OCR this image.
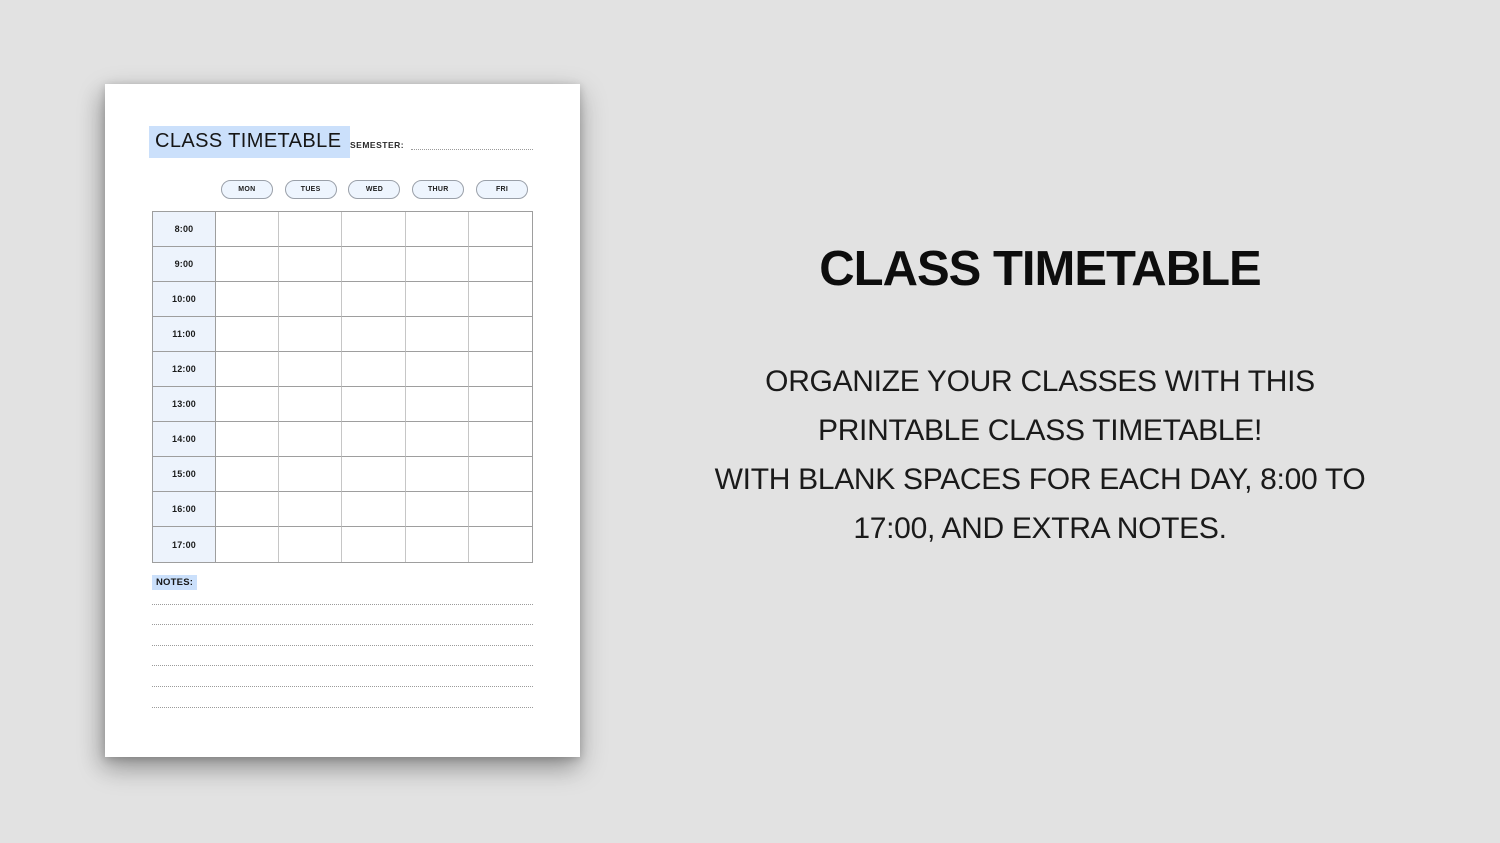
CLASS TIMETABLE	SEMESTER:
MON	TUES	WED	THUR	FRI
8:00
9:00
10:00
11:00
12:00
13:00
14:00
15:00
16:00
17:00
NOTES:
CLASS TIMETABLE
ORGANIZE YOUR CLASSES WITH THIS
PRINTABLE CLASS TIMETABLE!
WITH BLANK SPACES FOR EACH DAY, 8:00 TO
17:00, AND EXTRA NOTES.
